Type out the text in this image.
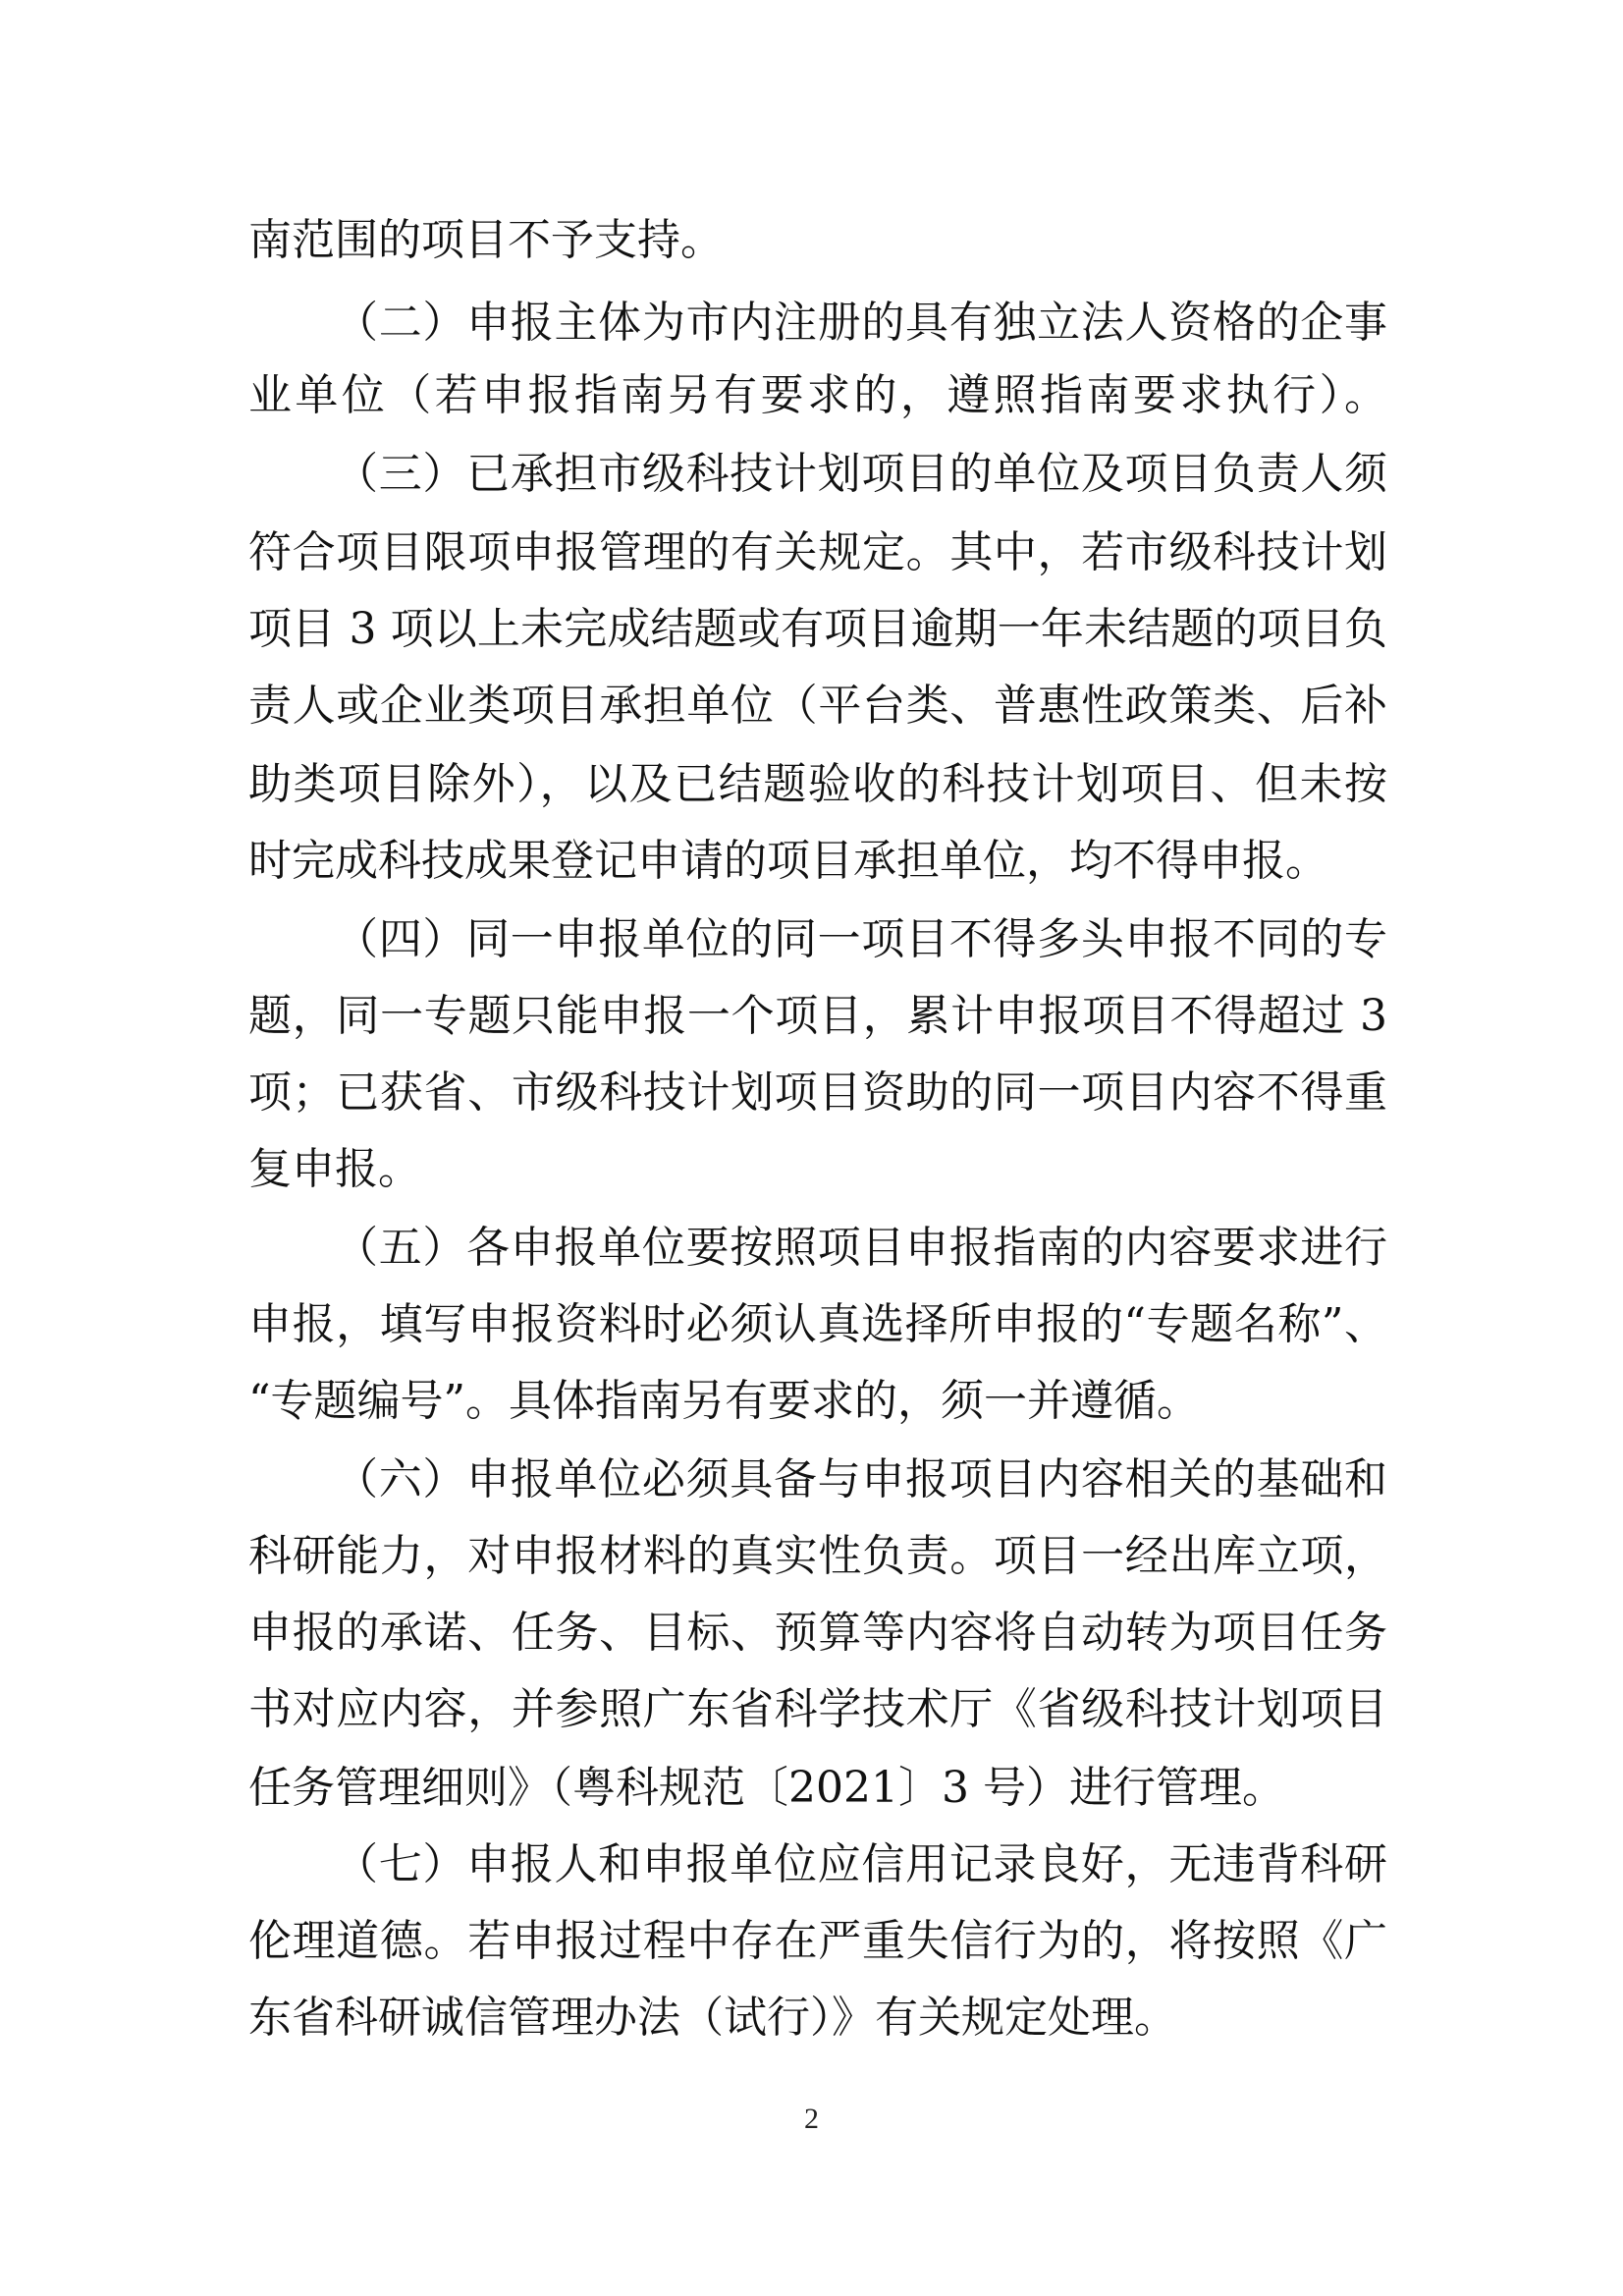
南范围的项目不予支持。
（二）申报主体为市内注册的具有独立法人资格的企事
业单位（若申报指南另有要求的，遵照指南要求执行）。
（三）已承担市级科技计划项目的单位及项目负责人须
符合项目限项申报管理的有关规定。其中，若市级科技计划
项目 3 项以上未完成结题或有项目逾期一年未结题的项目负
责人或企业类项目承担单位（平台类、普惠性政策类、后补
助类项目除外），以及已结题验收的科技计划项目、但未按
时完成科技成果登记申请的项目承担单位，均不得申报。
（四）同一申报单位的同一项目不得多头申报不同的专
题，同一专题只能申报一个项目，累计申报项目不得超过 3
项；已获省、市级科技计划项目资助的同一项目内容不得重
复申报。
（五）各申报单位要按照项目申报指南的内容要求进行
申报，填写申报资料时必须认真选择所申报的“专题名称”、
“专题编号”。具体指南另有要求的，须一并遵循。
（六）申报单位必须具备与申报项目内容相关的基础和
科研能力，对申报材料的真实性负责。项目一经出库立项，
申报的承诺、任务、目标、预算等内容将自动转为项目任务
书对应内容，并参照广东省科学技术厅《省级科技计划项目
任务管理细则》（粤科规范〔2021〕3 号）进行管理。
（七）申报人和申报单位应信用记录良好，无违背科研
伦理道德。若申报过程中存在严重失信行为的，将按照《广
东省科研诚信管理办法（试行）》有关规定处理。
2
